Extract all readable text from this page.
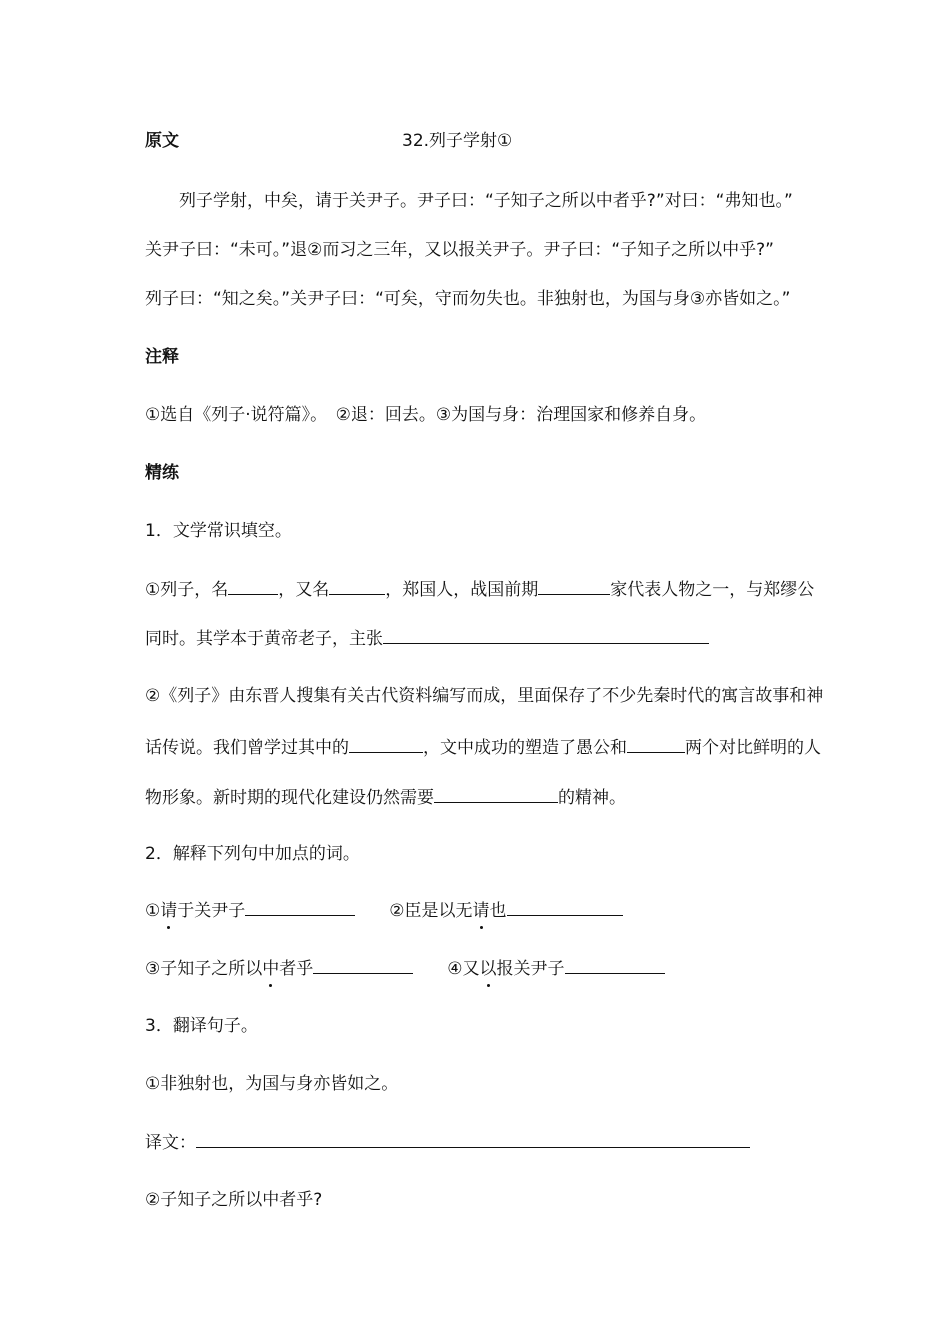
原文	32.列子学射①
列子学射，中矣，请于关尹子。尹子曰：“子知子之所以中者乎?”对曰：“弗知也。”
关尹子曰：“未可。”退②而习之三年，又以报关尹子。尹子曰：“子知子之所以中乎?”
列子曰：“知之矣。”关尹子曰：“可矣，守而勿失也。非独射也，为国与身③亦皆如之。”
注释
①选自《列子·说符篇》。　②退：回去。③为国与身：治理国家和修养自身。
精练
1．文学常识填空。
①列子，名	，又名	，郑国人，战国前期	家代表人物之一，与郑缪公
同时。其学本于黄帝老子，主张
②《列子》由东晋人搜集有关古代资料编写而成，里面保存了不少先秦时代的寓言故事和神
话传说。我们曾学过其中的	，文中成功的塑造了愚公和	两个对比鲜明的人
物形象。新时期的现代化建设仍然需要	的精神。
2．解释下列句中加点的词。
①请于关尹子	②臣是以无请也
③子知子之所以中者乎	④又以报关尹子
3．翻译句子。
①非独射也，为国与身亦皆如之。
译文：
②子知子之所以中者乎?
